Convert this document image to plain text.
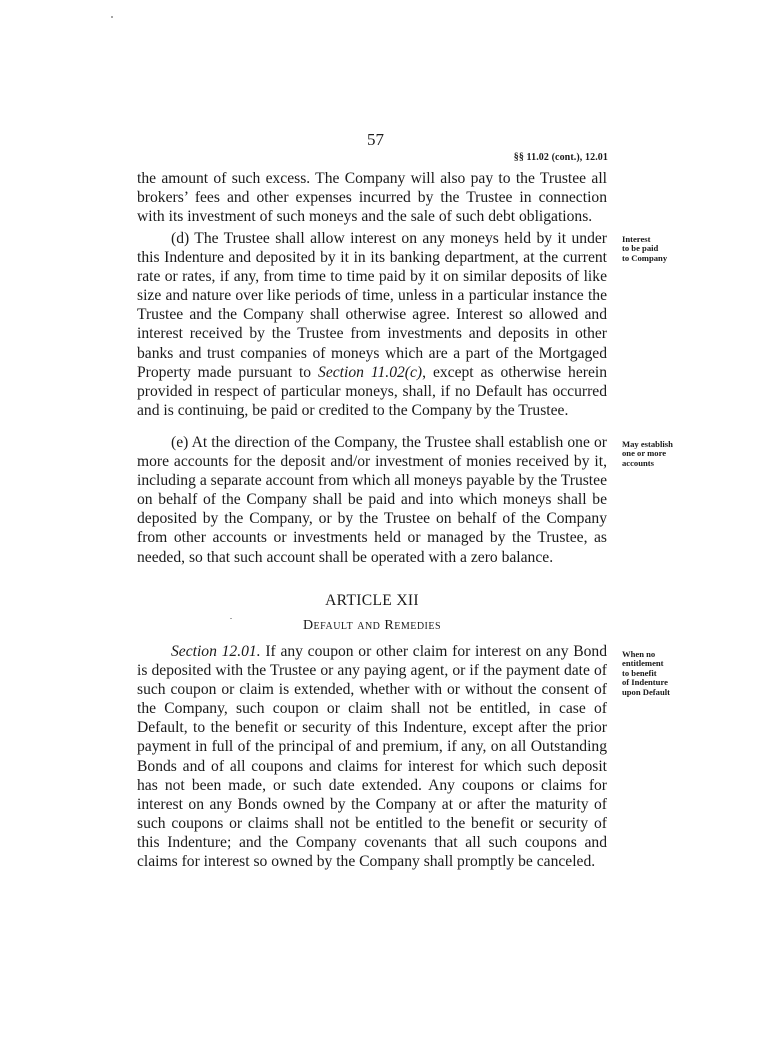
57
§§ 11.02 (cont.), 12.01

the amount of such excess. The Company will also pay to the Trustee all brokers’ fees and other expenses incurred by the Trustee in connection with its investment of such moneys and the sale of such debt obligations.

(d) The Trustee shall allow interest on any moneys held by it under this Indenture and deposited by it in its banking department, at the current rate or rates, if any, from time to time paid by it on similar deposits of like size and nature over like periods of time, unless in a particular instance the Trustee and the Company shall otherwise agree. Interest so allowed and interest received by the Trustee from investments and deposits in other banks and trust companies of moneys which are a part of the Mortgaged Property made pursuant to Section 11.02(c), except as otherwise herein provided in respect of particular moneys, shall, if no Default has occurred and is continuing, be paid or credited to the Company by the Trustee.

Interest
to be paid
to Company

(e) At the direction of the Company, the Trustee shall establish one or more accounts for the deposit and/or investment of monies received by it, including a separate account from which all moneys payable by the Trustee on behalf of the Company shall be paid and into which moneys shall be deposited by the Company, or by the Trustee on behalf of the Company from other accounts or investments held or managed by the Trustee, as needed, so that such account shall be operated with a zero balance.

May establish
one or more
accounts
ARTICLE XII
Default and Remedies

Section 12.01. If any coupon or other claim for interest on any Bond is deposited with the Trustee or any paying agent, or if the payment date of such coupon or claim is extended, whether with or without the consent of the Company, such coupon or claim shall not be entitled, in case of Default, to the benefit or security of this Indenture, except after the prior payment in full of the principal of and premium, if any, on all Outstanding Bonds and of all coupons and claims for interest for which such deposit has not been made, or such date extended. Any coupons or claims for interest on any Bonds owned by the Company at or after the maturity of such coupons or claims shall not be entitled to the benefit or security of this Indenture; and the Company covenants that all such coupons and claims for interest so owned by the Company shall promptly be canceled.

When no
entitlement
to benefit
of Indenture
upon Default
